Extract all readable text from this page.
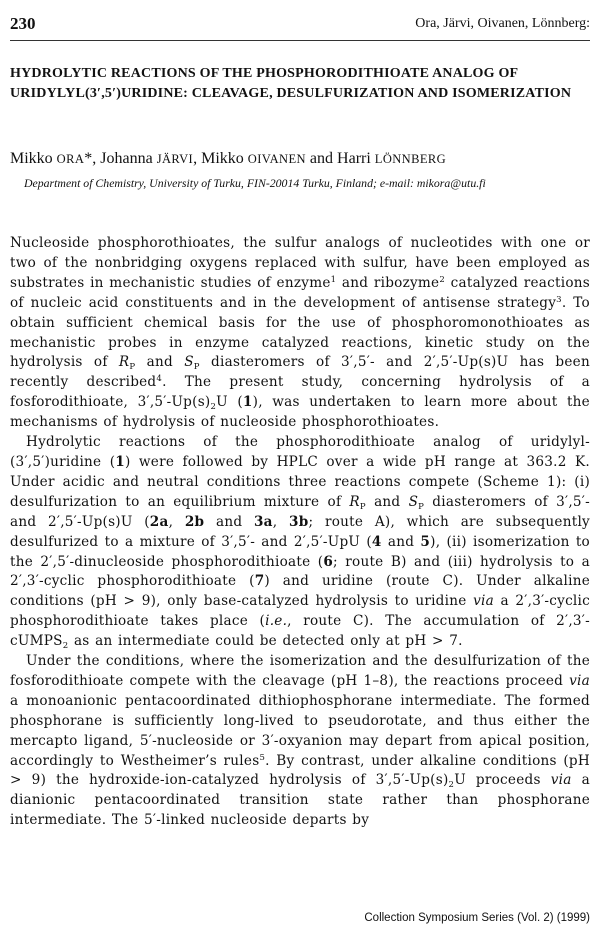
230	Ora, Järvi, Oivanen, Lönnberg:
HYDROLYTIC REACTIONS OF THE PHOSPHORODITHIOATE ANALOG OF URIDYLYL(3′,5′)URIDINE: CLEAVAGE, DESULFURIZATION AND ISOMERIZATION

Mikko ORA*, Johanna JÄRVI, Mikko OIVANEN and Harri LÖNNBERG

Department of Chemistry, University of Turku, FIN-20014 Turku, Finland; e-mail: mikora@utu.fi

Nucleoside phosphorothioates, the sulfur analogs of nucleotides with one or two of the nonbridging oxygens replaced with sulfur, have been employed as substrates in mechanistic studies of enzyme$^1$ and ribozyme$^2$ catalyzed reactions of nucleic acid constituents and in the development of antisense strategy$^3$. To obtain sufficient chemical basis for the use of phosphoromonothioates as mechanistic probes in enzyme catalyzed reactions, kinetic study on the hydrolysis of $R_P$ and $S_P$ diasteromers of 3′,5′- and 2′,5′-Up(s)U has been recently described$^4$. The present study, concerning hydrolysis of a fosforodithioate, $3',5'-Up(s)_2U$ (1), was undertaken to learn more about the mechanisms of hydrolysis of nucleoside phosphorothioates.

Hydrolytic reactions of the phosphorodithioate analog of uridylyl-(3′,5′)uridine (1) were followed by HPLC over a wide pH range at 363.2 K. Under acidic and neutral conditions three reactions compete (Scheme 1): (i) desulfurization to an equilibrium mixture of $R_P$ and $S_P$ diasteromers of 3′,5′- and 2′,5′-Up(s)U (2a, 2b and 3a, 3b; route A), which are subsequently desulfurized to a mixture of 3′,5′- and 2′,5′-UpU (4 and 5), (ii) isomerization to the 2′,5′-dinucleoside phosphorodithioate (6; route B) and (iii) hydrolysis to a 2′,3′-cyclic phosphorodithioate (7) and uridine (route C). Under alkaline conditions (pH > 9), only base-catalyzed hydrolysis to uridine via a 2′,3′-cyclic phosphorodithioate takes place (i.e., route C). The accumulation of 2′,3′-cUMPS$_2$ as an intermediate could be detected only at pH > 7.

Under the conditions, where the isomerization and the desulfurization of the fosforodithioate compete with the cleavage (pH 1–8), the reactions proceed via a monoanionic pentacoordinated dithiophosphorane intermediate. The formed phosphorane is sufficiently long-lived to pseudorotate, and thus either the mercapto ligand, 5′-nucleoside or 3′-oxyanion may depart from apical position, accordingly to Westheimer’s rules$^5$. By contrast, under alkaline conditions (pH > 9) the hydroxide-ion-catalyzed hydrolysis of $3',5'-Up(s)_2U$ proceeds via a dianionic pentacoordinated transition state rather than phosphorane intermediate. The 5′-linked nucleoside departs by

Collection Symposium Series (Vol. 2) (1999)
